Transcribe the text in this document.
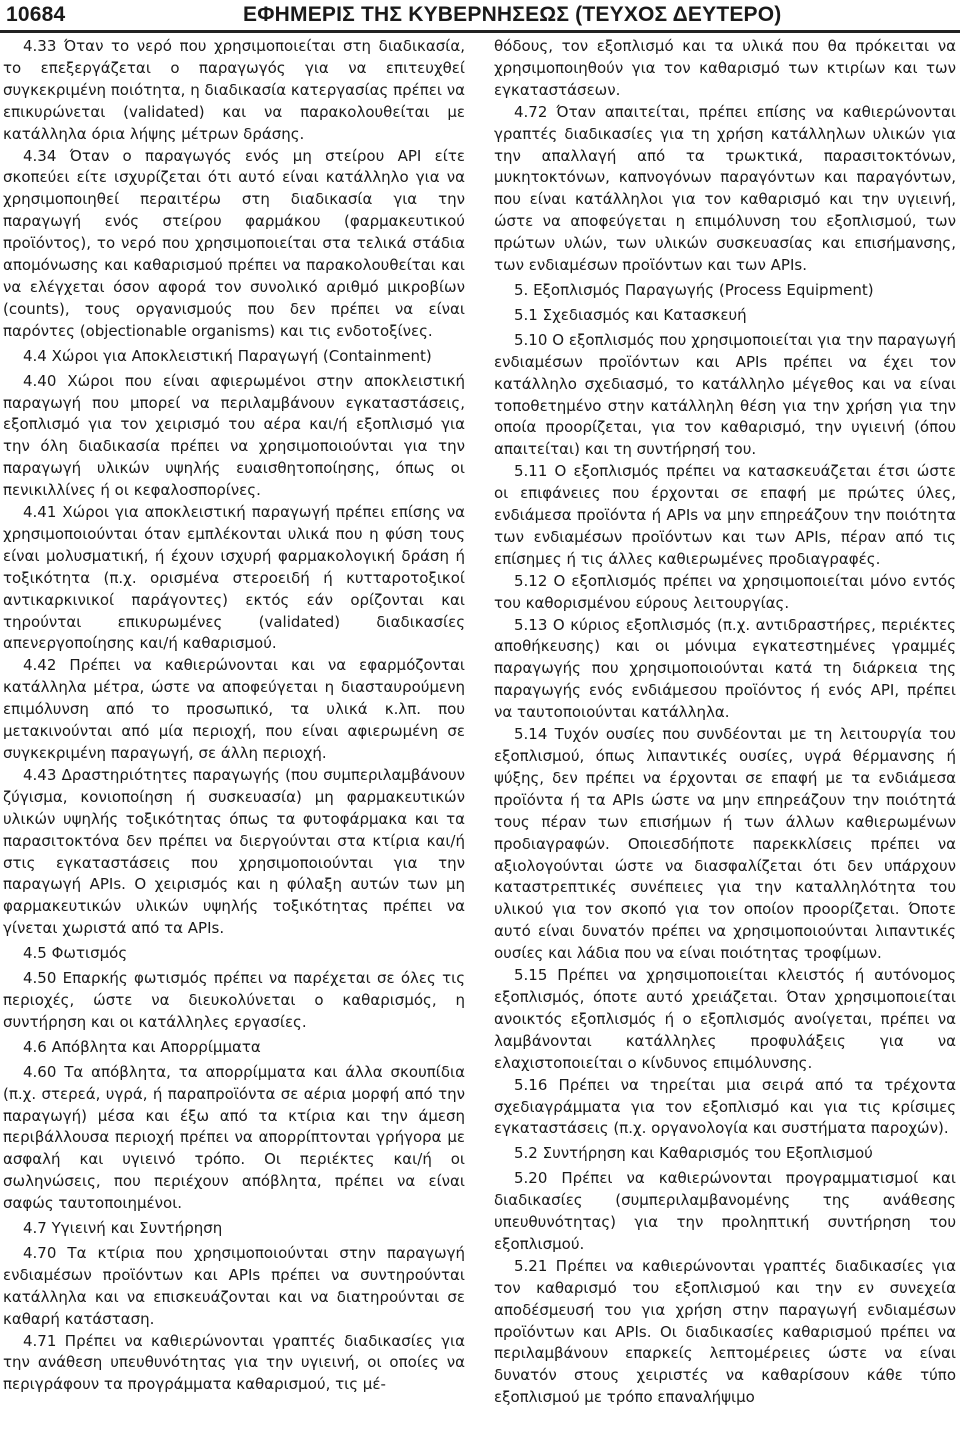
10684	ΕΦΗΜΕΡΙΣ ΤΗΣ ΚΥΒΕΡΝΗΣΕΩΣ (ΤΕΥΧΟΣ ΔΕΥΤΕΡΟ)

4.33 Όταν το νερό που χρησιμοποιείται στη διαδικασία, το επεξεργάζεται ο παραγωγός για να επιτευχθεί συγκεκριμένη ποιότητα, η διαδικασία κατεργασίας πρέπει να επικυρώνεται (validated) και να παρακολουθείται με κατάλληλα όρια λήψης μέτρων δράσης.

4.34 Όταν ο παραγωγός ενός μη στείρου API είτε σκοπεύει είτε ισχυρίζεται ότι αυτό είναι κατάλληλο για να χρησιμοποιηθεί περαιτέρω στη διαδικασία για την παραγωγή ενός στείρου φαρμάκου (φαρμακευτικού προϊόντος), το νερό που χρησιμοποιείται στα τελικά στάδια απομόνωσης και καθαρισμού πρέπει να παρακολουθείται και να ελέγχεται όσον αφορά τον συνολικό αριθμό μικροβίων (counts), τους οργανισμούς που δεν πρέπει να είναι παρόντες (objectionable organisms) και τις ενδοτοξίνες.

4.4 Χώροι για Αποκλειστική Παραγωγή (Containment)

4.40 Χώροι που είναι αφιερωμένοι στην αποκλειστική παραγωγή που μπορεί να περιλαμβάνουν εγκαταστάσεις, εξοπλισμό για τον χειρισμό του αέρα και/ή εξοπλισμό για την όλη διαδικασία πρέπει να χρησιμοποιούνται για την παραγωγή υλικών υψηλής ευαισθητοποίησης, όπως οι πενικιλλίνες ή οι κεφαλοσπορίνες.

4.41 Χώροι για αποκλειστική παραγωγή πρέπει επίσης να χρησιμοποιούνται όταν εμπλέκονται υλικά που η φύση τους είναι μολυσματική, ή έχουν ισχυρή φαρμακολογική δράση ή τοξικότητα (π.χ. ορισμένα στεροειδή ή κυτταροτοξικοί αντικαρκινικοί παράγοντες) εκτός εάν ορίζονται και τηρούνται επικυρωμένες (validated) διαδικασίες απενεργοποίησης και/ή καθαρισμού.

4.42 Πρέπει να καθιερώνονται και να εφαρμόζονται κατάλληλα μέτρα, ώστε να αποφεύγεται η διασταυρούμενη επιμόλυνση από το προσωπικό, τα υλικά κ.λπ. που μετακινούνται από μία περιοχή, που είναι αφιερωμένη σε συγκεκριμένη παραγωγή, σε άλλη περιοχή.

4.43 Δραστηριότητες παραγωγής (που συμπεριλαμβάνουν ζύγισμα, κονιοποίηση ή συσκευασία) μη φαρμακευτικών υλικών υψηλής τοξικότητας όπως τα φυτοφάρμακα και τα παρασιτοκτόνα δεν πρέπει να διεργούνται στα κτίρια και/ή στις εγκαταστάσεις που χρησιμοποιούνται για την παραγωγή APIs. Ο χειρισμός και η φύλαξη αυτών των μη φαρμακευτικών υλικών υψηλής τοξικότητας πρέπει να γίνεται χωριστά από τα APIs.

4.5 Φωτισμός

4.50 Επαρκής φωτισμός πρέπει να παρέχεται σε όλες τις περιοχές, ώστε να διευκολύνεται ο καθαρισμός, η συντήρηση και οι κατάλληλες εργασίες.

4.6 Απόβλητα και Απορρίμματα

4.60 Τα απόβλητα, τα απορρίμματα και άλλα σκουπίδια (π.χ. στερεά, υγρά, ή παραπροϊόντα σε αέρια μορφή από την παραγωγή) μέσα και έξω από τα κτίρια και την άμεση περιβάλλουσα περιοχή πρέπει να απορρίπτονται γρήγορα με ασφαλή και υγιεινό τρόπο. Οι περιέκτες και/ή οι σωληνώσεις, που περιέχουν απόβλητα, πρέπει να είναι σαφώς ταυτοποιημένοι.

4.7 Υγιεινή και Συντήρηση

4.70 Τα κτίρια που χρησιμοποιούνται στην παραγωγή ενδιαμέσων προϊόντων και APIs πρέπει να συντηρούνται κατάλληλα και να επισκευάζονται και να διατηρούνται σε καθαρή κατάσταση.

4.71 Πρέπει να καθιερώνονται γραπτές διαδικασίες για την ανάθεση υπευθυνότητας για την υγιεινή, οι οποίες να περιγράφουν τα προγράμματα καθαρισμού, τις μέ-

θόδους, τον εξοπλισμό και τα υλικά που θα πρόκειται να χρησιμοποιηθούν για τον καθαρισμό των κτιρίων και των εγκαταστάσεων.

4.72 Όταν απαιτείται, πρέπει επίσης να καθιερώνονται γραπτές διαδικασίες για τη χρήση κατάλληλων υλικών για την απαλλαγή από τα τρωκτικά, παρασιτοκτόνων, μυκητοκτόνων, καπνογόνων παραγόντων και παραγόντων, που είναι κατάλληλοι για τον καθαρισμό και την υγιεινή, ώστε να αποφεύγεται η επιμόλυνση του εξοπλισμού, των πρώτων υλών, των υλικών συσκευασίας και επισήμανσης, των ενδιαμέσων προϊόντων και των APIs.

5. Εξοπλισμός Παραγωγής (Process Equipment)

5.1 Σχεδιασμός και Κατασκευή

5.10 Ο εξοπλισμός που χρησιμοποιείται για την παραγωγή ενδιαμέσων προϊόντων και APIs πρέπει να έχει τον κατάλληλο σχεδιασμό, το κατάλληλο μέγεθος και να είναι τοποθετημένο στην κατάλληλη θέση για την χρήση για την οποία προορίζεται, για τον καθαρισμό, την υγιεινή (όπου απαιτείται) και τη συντήρησή του.

5.11 Ο εξοπλισμός πρέπει να κατασκευάζεται έτσι ώστε οι επιφάνειες που έρχονται σε επαφή με πρώτες ύλες, ενδιάμεσα προϊόντα ή APIs να μην επηρεάζουν την ποιότητα των ενδιαμέσων προϊόντων και των APIs, πέραν από τις επίσημες ή τις άλλες καθιερωμένες προδιαγραφές.

5.12 Ο εξοπλισμός πρέπει να χρησιμοποιείται μόνο εντός του καθορισμένου εύρους λειτουργίας.

5.13 Ο κύριος εξοπλισμός (π.χ. αντιδραστήρες, περιέκτες αποθήκευσης) και οι μόνιμα εγκατεστημένες γραμμές παραγωγής που χρησιμοποιούνται κατά τη διάρκεια της παραγωγής ενός ενδιάμεσου προϊόντος ή ενός API, πρέπει να ταυτοποιούνται κατάλληλα.

5.14 Τυχόν ουσίες που συνδέονται με τη λειτουργία του εξοπλισμού, όπως λιπαντικές ουσίες, υγρά θέρμανσης ή ψύξης, δεν πρέπει να έρχονται σε επαφή με τα ενδιάμεσα προϊόντα ή τα APIs ώστε να μην επηρεάζουν την ποιότητά τους πέραν των επισήμων ή των άλλων καθιερωμένων προδιαγραφών. Οποιεσδήποτε παρεκκλίσεις πρέπει να αξιολογούνται ώστε να διασφαλίζεται ότι δεν υπάρχουν καταστρεπτικές συνέπειες για την καταλληλότητα του υλικού για τον σκοπό για τον οποίον προορίζεται. Όποτε αυτό είναι δυνατόν πρέπει να χρησιμοποιούνται λιπαντικές ουσίες και λάδια που να είναι ποιότητας τροφίμων.

5.15 Πρέπει να χρησιμοποιείται κλειστός ή αυτόνομος εξοπλισμός, όποτε αυτό χρειάζεται. Όταν χρησιμοποιείται ανοικτός εξοπλισμός ή ο εξοπλισμός ανοίγεται, πρέπει να λαμβάνονται κατάλληλες προφυλάξεις για να ελαχιστοποιείται ο κίνδυνος επιμόλυνσης.

5.16 Πρέπει να τηρείται μια σειρά από τα τρέχοντα σχεδιαγράμματα για τον εξοπλισμό και για τις κρίσιμες εγκαταστάσεις (π.χ. οργανολογία και συστήματα παροχών).

5.2 Συντήρηση και Καθαρισμός του Εξοπλισμού

5.20 Πρέπει να καθιερώνονται προγραμματισμοί και διαδικασίες (συμπεριλαμβανομένης της ανάθεσης υπευθυνότητας) για την προληπτική συντήρηση του εξοπλισμού.

5.21 Πρέπει να καθιερώνονται γραπτές διαδικασίες για τον καθαρισμό του εξοπλισμού και την εν συνεχεία αποδέσμευσή του για χρήση στην παραγωγή ενδιαμέσων προϊόντων και APIs. Οι διαδικασίες καθαρισμού πρέπει να περιλαμβάνουν επαρκείς λεπτομέρειες ώστε να είναι δυνατόν στους χειριστές να καθαρίσουν κάθε τύπο εξοπλισμού με τρόπο επαναλήψιμο
